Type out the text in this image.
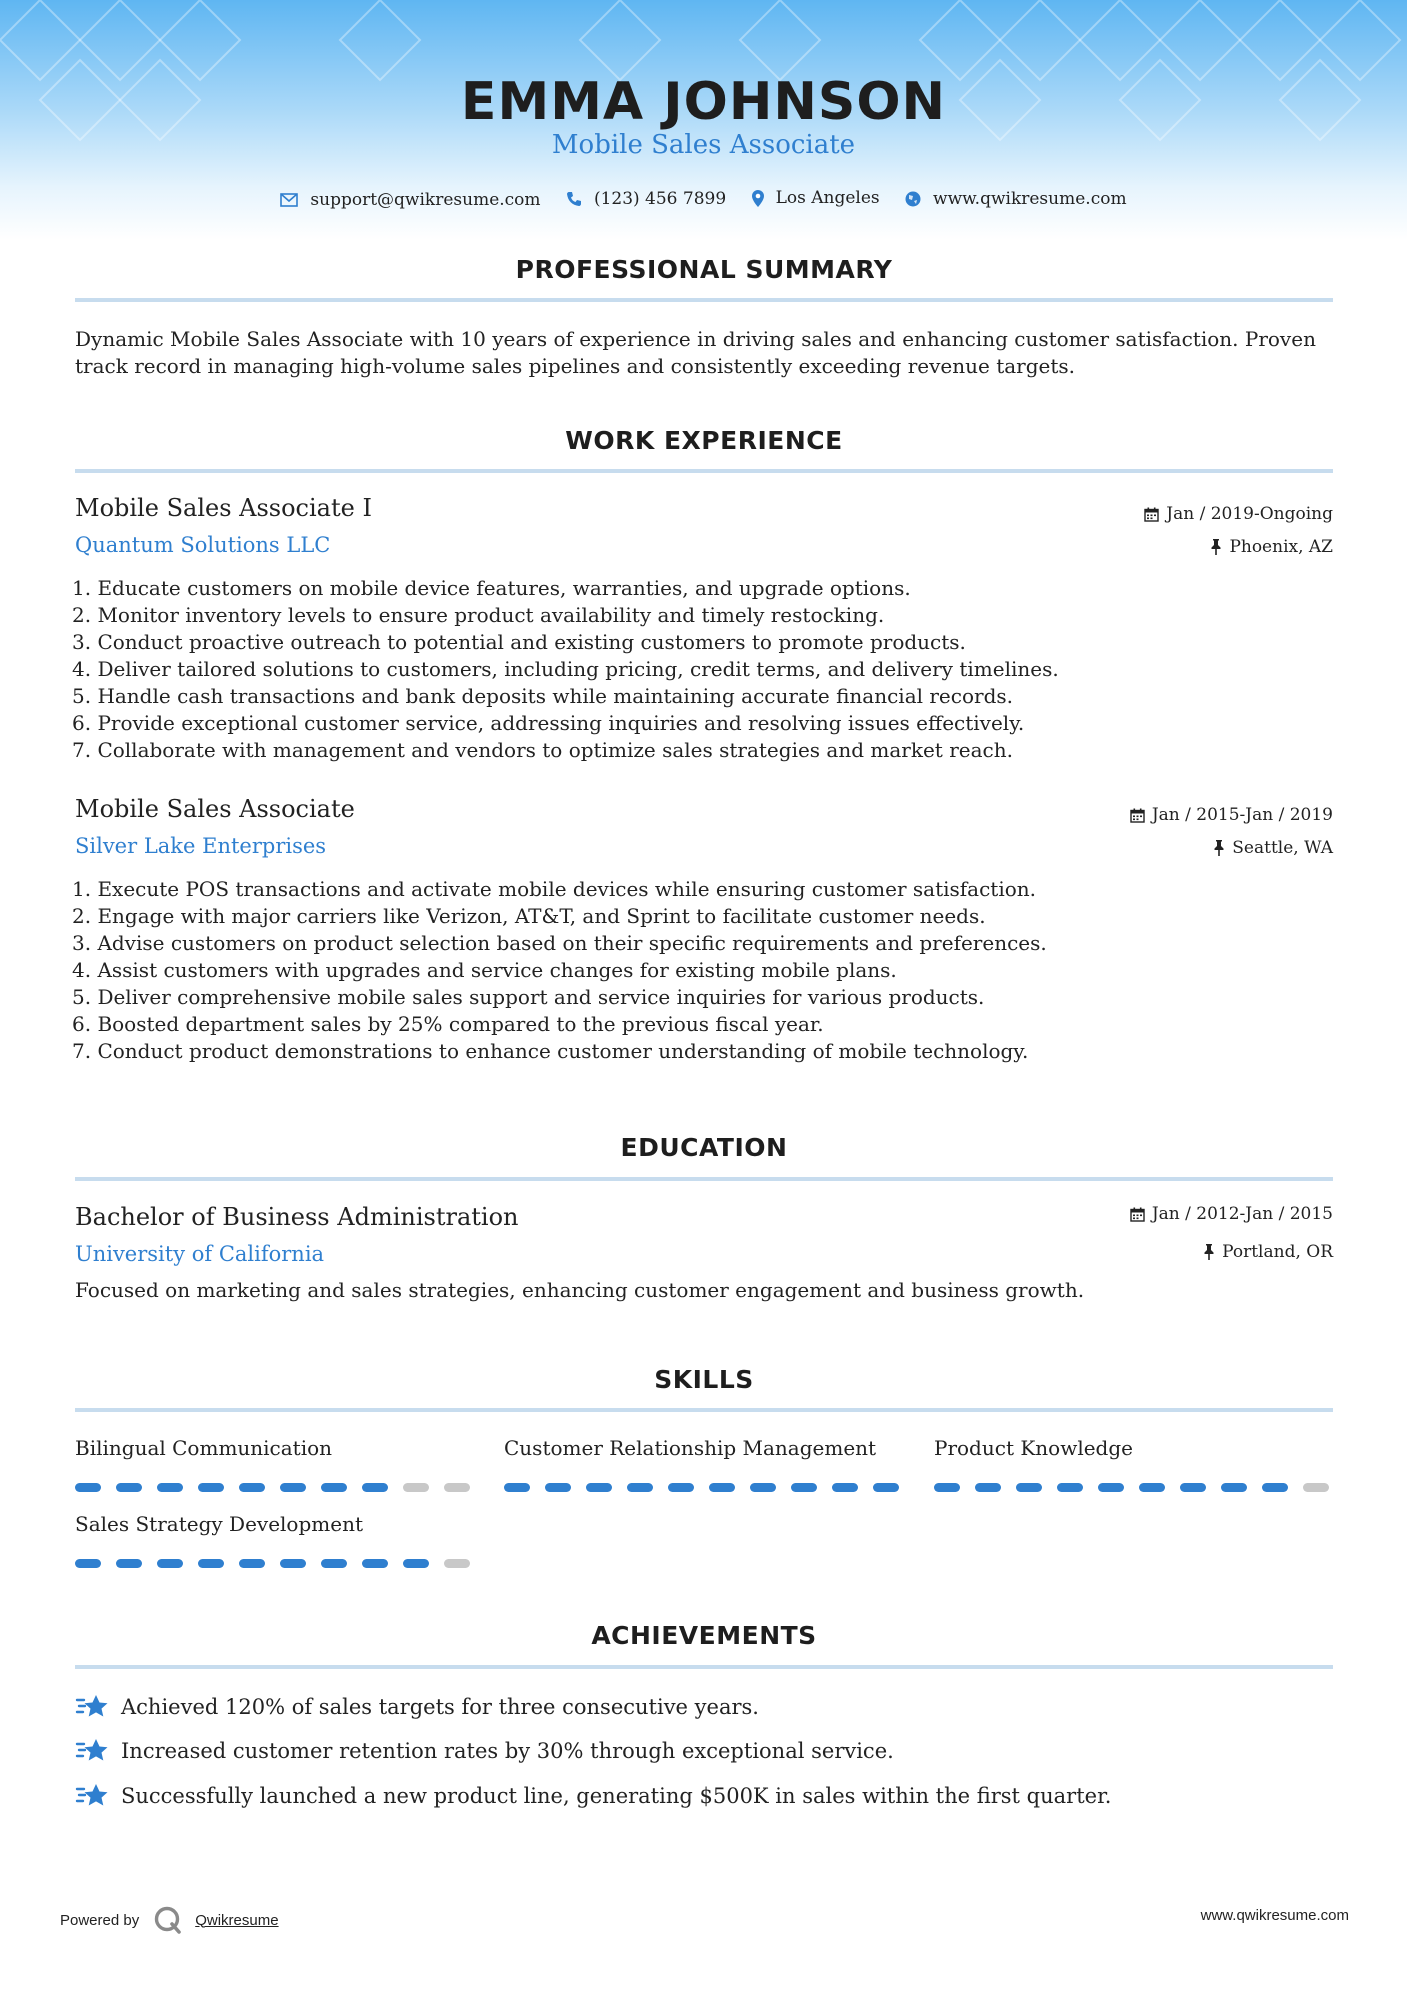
EMMA JOHNSON
Mobile Sales Associate
support@qwikresume.com
	(123) 456 7899
	Los Angeles
	www.qwikresume.com
PROFESSIONAL SUMMARY
Dynamic Mobile Sales Associate with 10 years of experience in driving sales and enhancing customer satisfaction. Proven track record in managing high-volume sales pipelines and consistently exceeding revenue targets.
WORK EXPERIENCE
Mobile Sales Associate I
Quantum Solutions LLC
Jan / 2019-Ongoing
Phoenix, AZ
1. Educate customers on mobile device features, warranties, and upgrade options.
2. Monitor inventory levels to ensure product availability and timely restocking.
3. Conduct proactive outreach to potential and existing customers to promote products.
4. Deliver tailored solutions to customers, including pricing, credit terms, and delivery timelines.
5. Handle cash transactions and bank deposits while maintaining accurate financial records.
6. Provide exceptional customer service, addressing inquiries and resolving issues effectively.
7. Collaborate with management and vendors to optimize sales strategies and market reach.
Mobile Sales Associate
Silver Lake Enterprises
Jan / 2015-Jan / 2019
Seattle, WA
1. Execute POS transactions and activate mobile devices while ensuring customer satisfaction.
2. Engage with major carriers like Verizon, AT&T, and Sprint to facilitate customer needs.
3. Advise customers on product selection based on their specific requirements and preferences.
4. Assist customers with upgrades and service changes for existing mobile plans.
5. Deliver comprehensive mobile sales support and service inquiries for various products.
6. Boosted department sales by 25% compared to the previous fiscal year.
7. Conduct product demonstrations to enhance customer understanding of mobile technology.
EDUCATION
Bachelor of Business Administration
University of California
Jan / 2012-Jan / 2015
Portland, OR
Focused on marketing and sales strategies, enhancing customer engagement and business growth.
SKILLS
Bilingual Communication	Customer Relationship Management	Product Knowledge
Sales Strategy Development
ACHIEVEMENTS
Achieved 120% of sales targets for three consecutive years.
Increased customer retention rates by 30% through exceptional service.
Successfully launched a new product line, generating $500K in sales within the first quarter.
Powered by	Qwikresume	www.qwikresume.com
